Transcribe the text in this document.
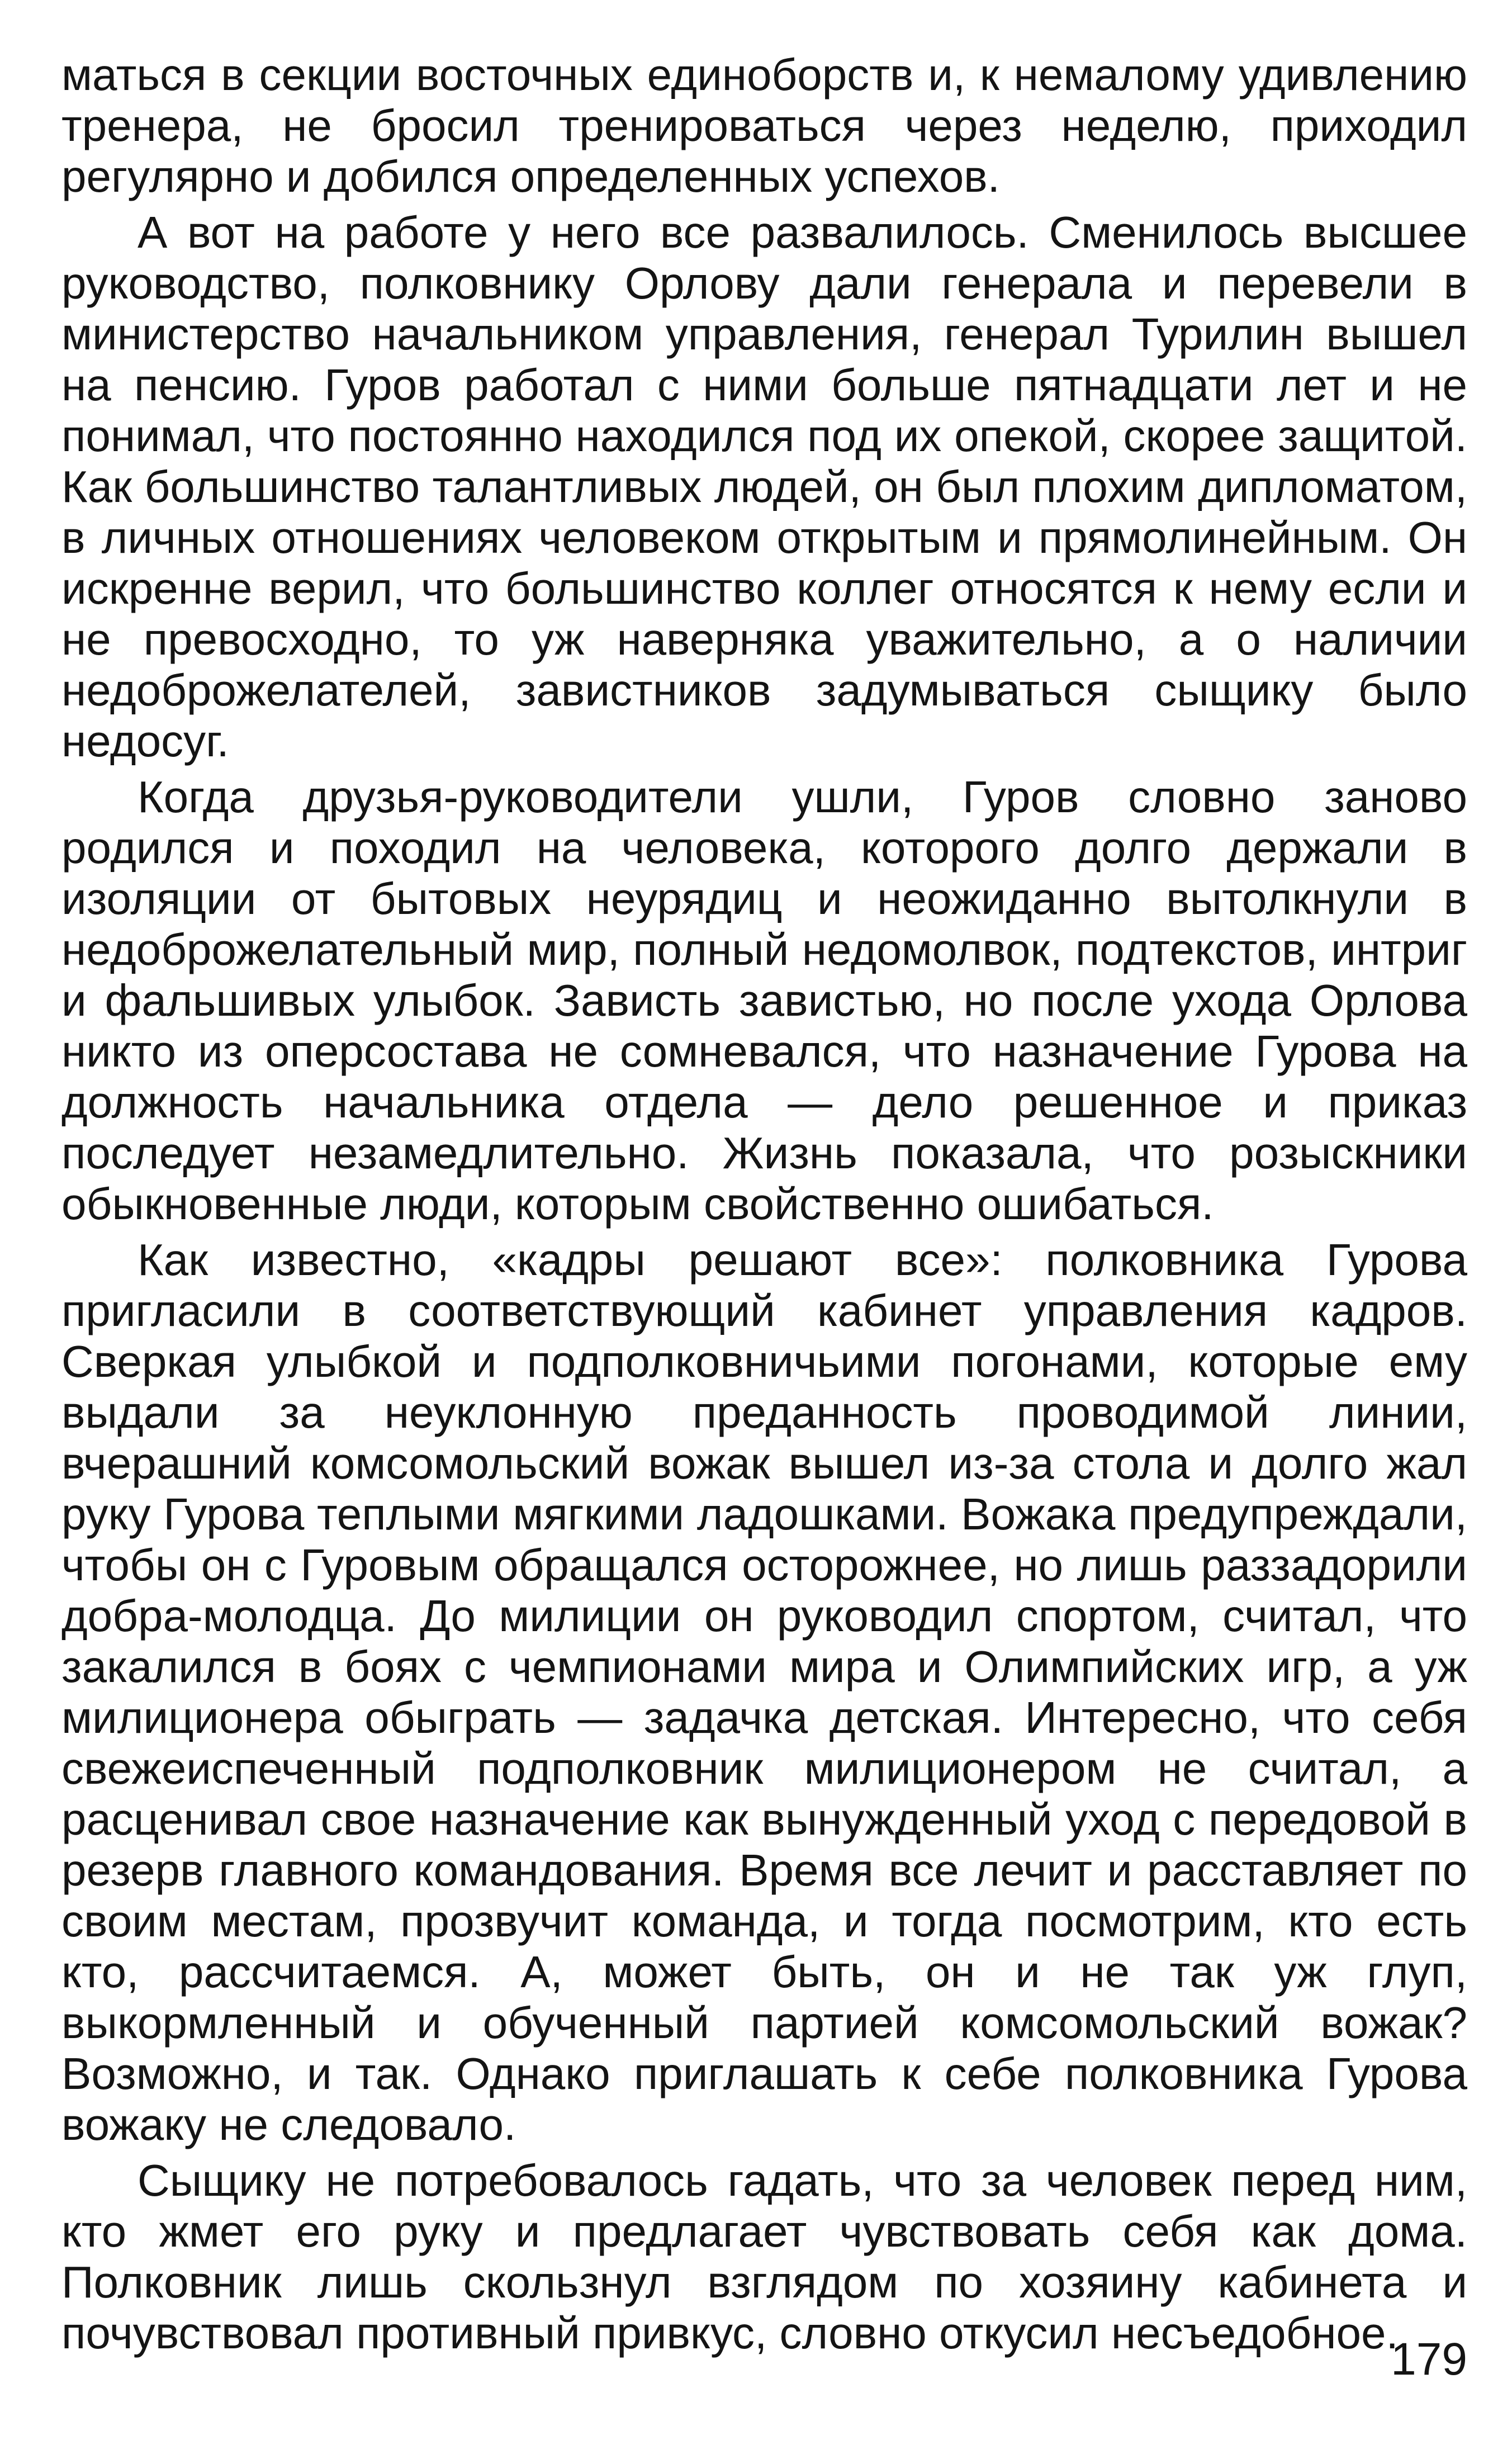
маться в секции восточных единоборств и, к немалому удивлению тренера, не бросил тренироваться через неделю, приходил регулярно и добился определенных успехов.

А вот на работе у него все развалилось. Сменилось высшее руководство, полковнику Орлову дали генерала и перевели в министерство начальником управления, генерал Турилин вышел на пенсию. Гуров работал с ними больше пятнадцати лет и не понимал, что постоянно находился под их опекой, скорее защитой. Как большинство талантливых людей, он был плохим дипломатом, в личных отношениях человеком открытым и прямолинейным. Он искренне верил, что большинство коллег относятся к нему если и не превосходно, то уж наверняка уважительно, а о наличии недоброжелателей, завистников задумываться сыщику было недосуг.

Когда друзья-руководители ушли, Гуров словно заново родился и походил на человека, которого долго держали в изоляции от бытовых неурядиц и неожиданно вытолкнули в недоброжелательный мир, полный недомолвок, подтекстов, интриг и фальшивых улыбок. Зависть завистью, но после ухода Орлова никто из оперсостава не сомневался, что назначение Гурова на должность начальника отдела — дело решенное и приказ последует незамедлительно. Жизнь показала, что розыскники обыкновенные люди, которым свойственно ошибаться.

Как известно, «кадры решают все»: полковника Гурова пригласили в соответствующий кабинет управления кадров. Сверкая улыбкой и подполковничьими погонами, которые ему выдали за неуклонную преданность проводимой линии, вчерашний комсомольский вожак вышел из-за стола и долго жал руку Гурова теплыми мягкими ладошками. Вожака предупреждали, чтобы он с Гуровым обращался осторожнее, но лишь раззадорили добра-молодца. До милиции он руководил спортом, считал, что закалился в боях с чемпионами мира и Олимпийских игр, а уж милиционера обыграть — задачка детская. Интересно, что себя свежеиспеченный подполковник милиционером не считал, а расценивал свое назначение как вынужденный уход с передовой в резерв главного командования. Время все лечит и расставляет по своим местам, прозвучит команда, и тогда посмотрим, кто есть кто, рассчитаемся. А, может быть, он и не так уж глуп, выкормленный и обученный партией комсомольский вожак? Возможно, и так. Однако приглашать к себе полковника Гурова вожаку не следовало.

Сыщику не потребовалось гадать, что за человек перед ним, кто жмет его руку и предлагает чувствовать себя как дома. Полковник лишь скользнул взглядом по хозяину кабинета и почувствовал противный привкус, словно откусил несъедобное.

179
